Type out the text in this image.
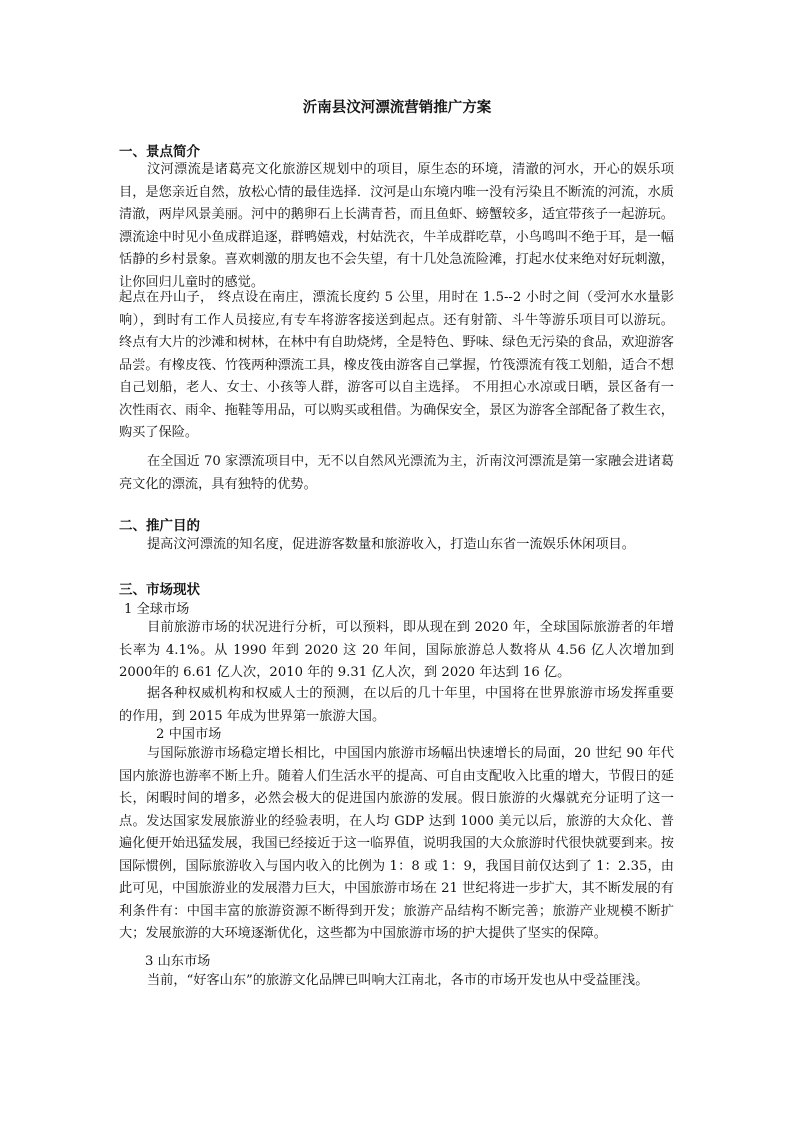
沂南县汶河漂流营销推广方案
一、景点简介
汶河漂流是诸葛亮文化旅游区规划中的项目，原生态的环境，清澈的河水，开心的娱乐项目，是您亲近自然，放松心情的最佳选择．汶河是山东境内唯一没有污染且不断流的河流，水质清澈，两岸风景美丽。河中的鹅卵石上长满青苔，而且鱼虾、螃蟹较多，适宜带孩子一起游玩。漂流途中时见小鱼成群追逐，群鸭嬉戏，村姑洗衣，牛羊成群吃草，小鸟鸣叫不绝于耳，是一幅恬静的乡村景象。喜欢刺激的朋友也不会失望，有十几处急流险滩，打起水仗来绝对好玩刺激，让你回归儿童时的感觉。
起点在丹山子， 终点设在南庄，漂流长度约 5 公里，用时在 1.5--2 小时之间（受河水水量影响），到时有工作人员接应,有专车将游客接送到起点。还有射箭、斗牛等游乐项目可以游玩。 终点有大片的沙滩和树林，在林中有自助烧烤，全是特色、野味、绿色无污染的食品，欢迎游客品尝。有橡皮筏、竹筏两种漂流工具，橡皮筏由游客自己掌握，竹筏漂流有筏工划船，适合不想自己划船，老人、女士、小孩等人群，游客可以自主选择。 不用担心水凉或日晒，景区备有一次性雨衣、雨伞、拖鞋等用品，可以购买或租借。为确保安全，景区为游客全部配备了救生衣，购买了保险。
在全国近 70 家漂流项目中，无不以自然风光漂流为主，沂南汶河漂流是第一家融会进诸葛亮文化的漂流，具有独特的优势。
二、推广目的
提高汶河漂流的知名度，促进游客数量和旅游收入，打造山东省一流娱乐休闲项目。
三、市场现状
1 全球市场
目前旅游市场的状况进行分析，可以预料，即从现在到 2020 年，全球国际旅游者的年增长率为 4.1%。从 1990 年到 2020 这 20 年间，国际旅游总人数将从 4.56 亿人次增加到 2000年的 6.61 亿人次，2010 年的 9.31 亿人次，到 2020 年达到 16 亿。
据各种权威机构和权威人士的预测，在以后的几十年里，中国将在世界旅游市场发挥重要的作用，到 2015 年成为世界第一旅游大国。
2 中国市场
与国际旅游市场稳定增长相比，中国国内旅游市场幅出快速增长的局面，20 世纪 90 年代国内旅游也游率不断上升。随着人们生活水平的提高、可自由支配收入比重的增大，节假日的延长，闲暇时间的增多，必然会极大的促进国内旅游的发展。假日旅游的火爆就充分证明了这一点。发达国家发展旅游业的经验表明，在人均 GDP 达到 1000 美元以后，旅游的大众化、普遍化便开始迅猛发展，我国已经接近于这一临界值，说明我国的大众旅游时代很快就要到来。按国际惯例，国际旅游收入与国内收入的比例为 1：8 或 1：9，我国目前仅达到了 1：2.35，由此可见，中国旅游业的发展潜力巨大，中国旅游市场在 21 世纪将进一步扩大，其不断发展的有利条件有：中国丰富的旅游资源不断得到开发；旅游产品结构不断完善；旅游产业规模不断扩大；发展旅游的大环境逐渐优化，这些都为中国旅游市场的护大提供了坚实的保障。
3 山东市场
当前，“好客山东”的旅游文化品牌已叫响大江南北，各市的市场开发也从中受益匪浅。
